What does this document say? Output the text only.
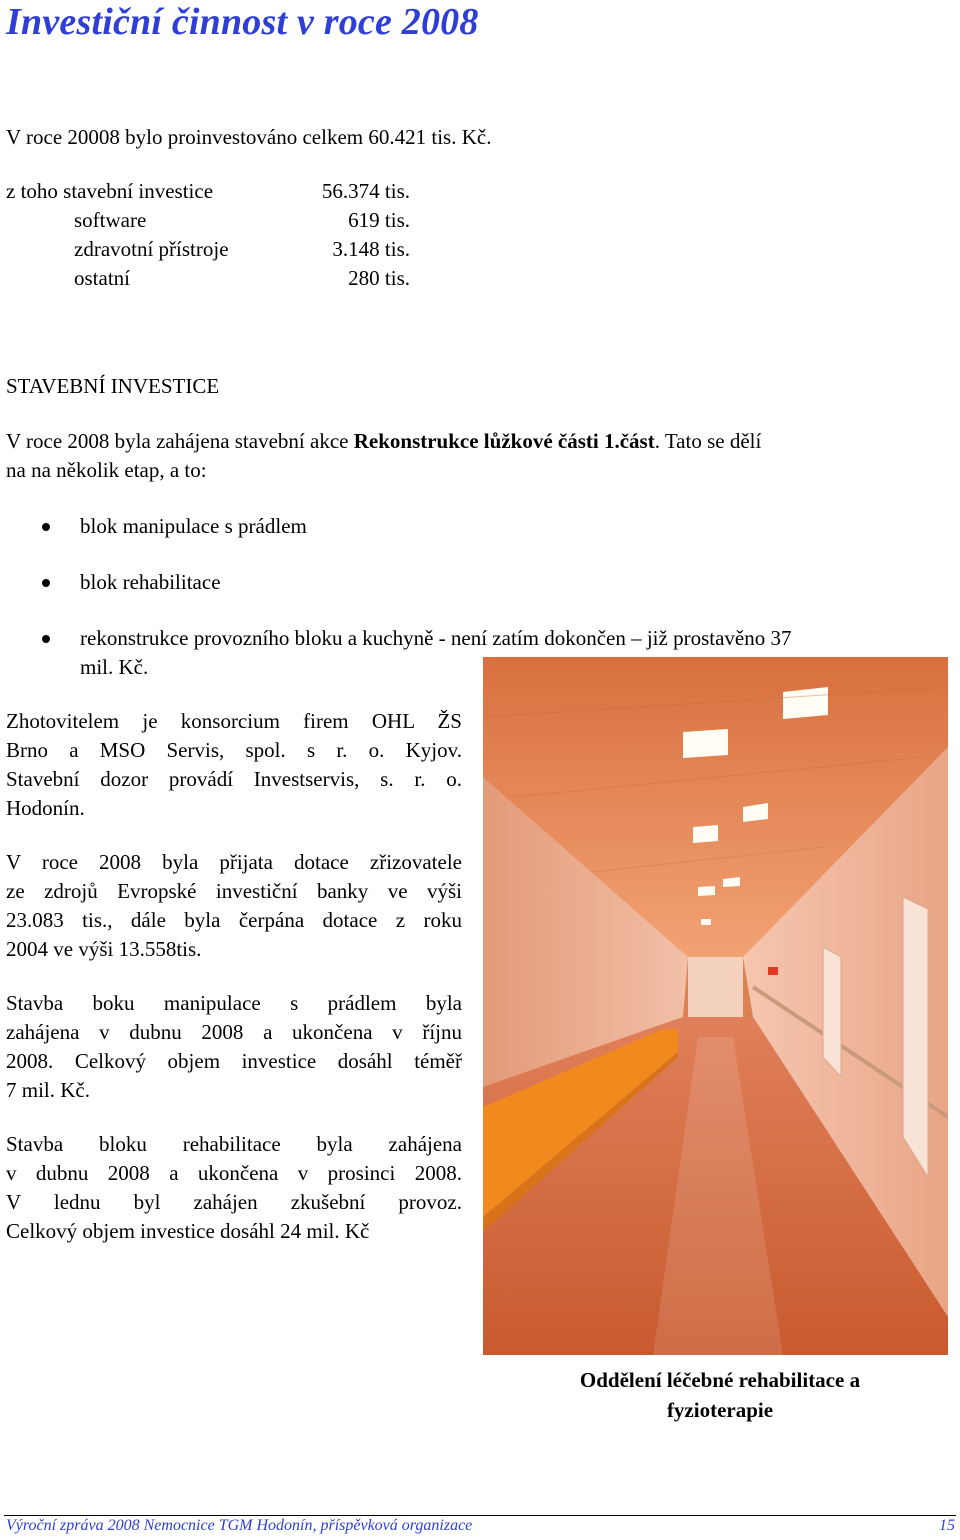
Investiční činnost v roce 2008
V roce 20008 bylo proinvestováno celkem 60.421 tis. Kč.
z toho stavební investice
software
zdravotní přístroje
ostatní
56.374 tis.
619 tis.
3.148 tis.
280 tis.
STAVEBNÍ INVESTICE
V roce 2008 byla zahájena stavební akce Rekonstrukce lůžkové části 1.část. Tato se dělí
na na několik etap, a to:
blok manipulace s prádlem
blok rehabilitace
rekonstrukce provozního bloku a kuchyně - není zatím dokončen – již prostavěno 37
mil. Kč.
Zhotovitelem je konsorcium firem OHL ŽS
Brno a MSO Servis, spol. s r. o. Kyjov.
Stavební dozor provádí Investservis, s. r. o.
Hodonín.
V roce 2008 byla přijata dotace zřizovatele
ze zdrojů Evropské investiční banky ve výši
23.083 tis., dále byla čerpána dotace z roku
2004 ve výši 13.558tis.
Stavba boku manipulace s prádlem byla
zahájena v dubnu 2008 a ukončena v říjnu
2008. Celkový objem investice dosáhl téměř
7 mil. Kč.
Stavba bloku rehabilitace byla zahájena
v dubnu 2008 a ukončena v prosinci 2008.
V lednu byl zahájen zkušební provoz.
Celkový objem investice dosáhl 24 mil. Kč
Oddělení léčebné rehabilitace a
fyzioterapie
Výroční zpráva 2008 Nemocnice TGM Hodonín, příspěvková organizace	15
